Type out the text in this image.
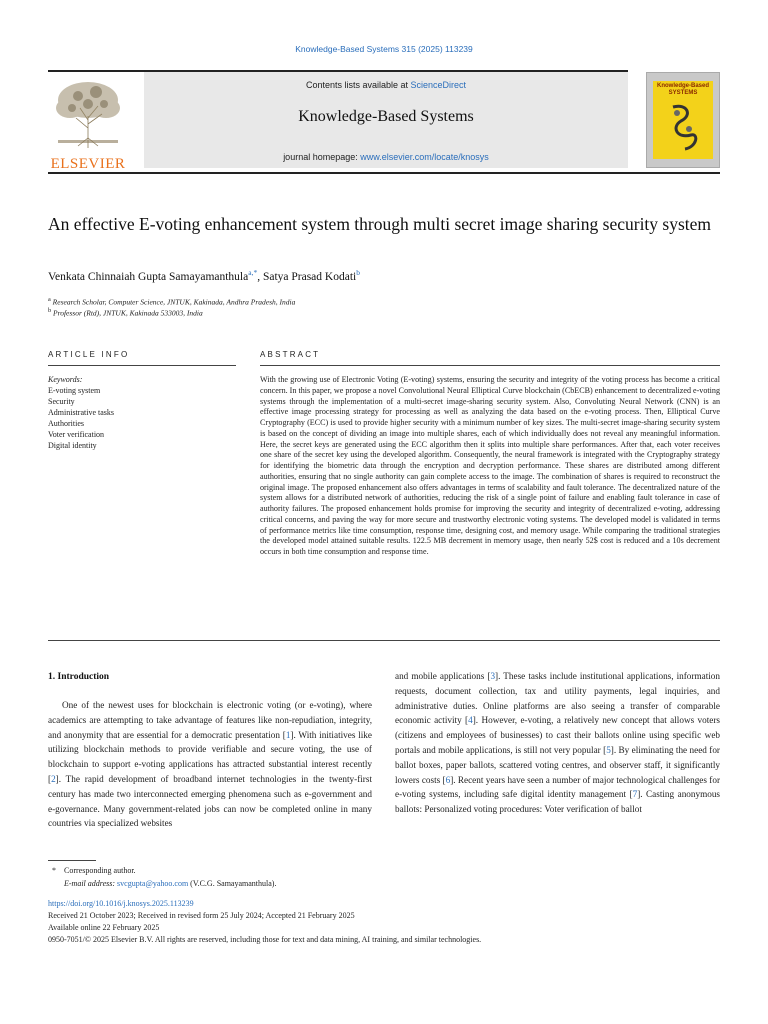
Knowledge-Based Systems 315 (2025) 113239
ELSEVIER
Contents lists available at ScienceDirect
Knowledge-Based Systems
journal homepage: www.elsevier.com/locate/knosys
Knowledge-Based SYSTEMS
An effective E-voting enhancement system through multi secret image sharing security system
Venkata Chinnaiah Gupta Samayamanthula$^{a,*}$, Satya Prasad Kodati$^b$
$^a$ Research Scholar, Computer Science, JNTUK, Kakinada, Andhra Pradesh, India
$^b$ Professor (Rtd), JNTUK, Kakinada 533003, India
ARTICLE INFO
Keywords:
E-voting system
Security
Administrative tasks
Authorities
Voter verification
Digital identity
ABSTRACT
With the growing use of Electronic Voting (E-voting) systems, ensuring the security and integrity of the voting process has become a critical concern. In this paper, we propose a novel Convolutional Neural Elliptical Curve blockchain (CbECB) enhancement to decentralized e-voting systems through the implementation of a multi-secret image-sharing security system. Also, Convoluting Neural Network (CNN) is an effective image processing strategy for processing as well as analyzing the data based on the e-voting process. Then, Elliptical Curve Cryptography (ECC) is used to provide higher security with a minimum number of key sizes. The multi-secret image-sharing security system is based on the concept of dividing an image into multiple shares, each of which individually does not reveal any meaningful information. Here, the secret keys are generated using the ECC algorithm then it splits into multiple share performances. After that, each voter receives one share of the secret key using the developed algorithm. Consequently, the neural framework is integrated with the Cryptography strategy for identifying the biometric data through the encryption and decryption performance. These shares are distributed among different authorities, ensuring that no single authority can gain complete access to the image. The combination of shares is required to reconstruct the original image. The proposed enhancement also offers advantages in terms of scalability and fault tolerance. The decentralized nature of the system allows for a distributed network of authorities, reducing the risk of a single point of failure and enabling fault tolerance in case of authority failures. The proposed enhancement holds promise for improving the security and integrity of decentralized e-voting, addressing critical concerns, and paving the way for more secure and trustworthy electronic voting systems. The developed model is validated in terms of performance metrics like time consumption, response time, designing cost, and memory usage. While comparing the traditional strategies the developed model attained suitable results. 122.5 MB decrement in memory usage, then nearly 52$ cost is reduced and a 10s decrement occurs in both time consumption and response time.
1. Introduction
One of the newest uses for blockchain is electronic voting (or e-voting), where academics are attempting to take advantage of features like non-repudiation, integrity, and anonymity that are essential for a democratic presentation [1]. With initiatives like utilizing blockchain methods to provide verifiable and secure voting, the use of blockchain to support e-voting applications has attracted substantial interest recently [2]. The rapid development of broadband internet technologies in the twenty-first century has made two interconnected emerging phenomena such as e-government and e-governance. Many government-related jobs can now be completed online in many countries via specialized websites
and mobile applications [3]. These tasks include institutional applications, information requests, document collection, tax and utility payments, legal inquiries, and administrative duties. Online platforms are also seeing a transfer of comparable economic activity [4]. However, e-voting, a relatively new concept that allows voters (citizens and employees of businesses) to cast their ballots online using specific web portals and mobile applications, is still not very popular [5]. By eliminating the need for ballot boxes, paper ballots, scattered voting centres, and observer staff, it significantly lowers costs [6]. Recent years have seen a number of major technological challenges for e-voting systems, including safe digital identity management [7]. Casting anonymous ballots: Personalized voting procedures: Voter verification of ballot
* Corresponding author.
E-mail address: svcgupta@yahoo.com (V.C.G. Samayamanthula).
https://doi.org/10.1016/j.knosys.2025.113239
Received 21 October 2023; Received in revised form 25 July 2024; Accepted 21 February 2025
Available online 22 February 2025
0950-7051/© 2025 Elsevier B.V. All rights are reserved, including those for text and data mining, AI training, and similar technologies.
